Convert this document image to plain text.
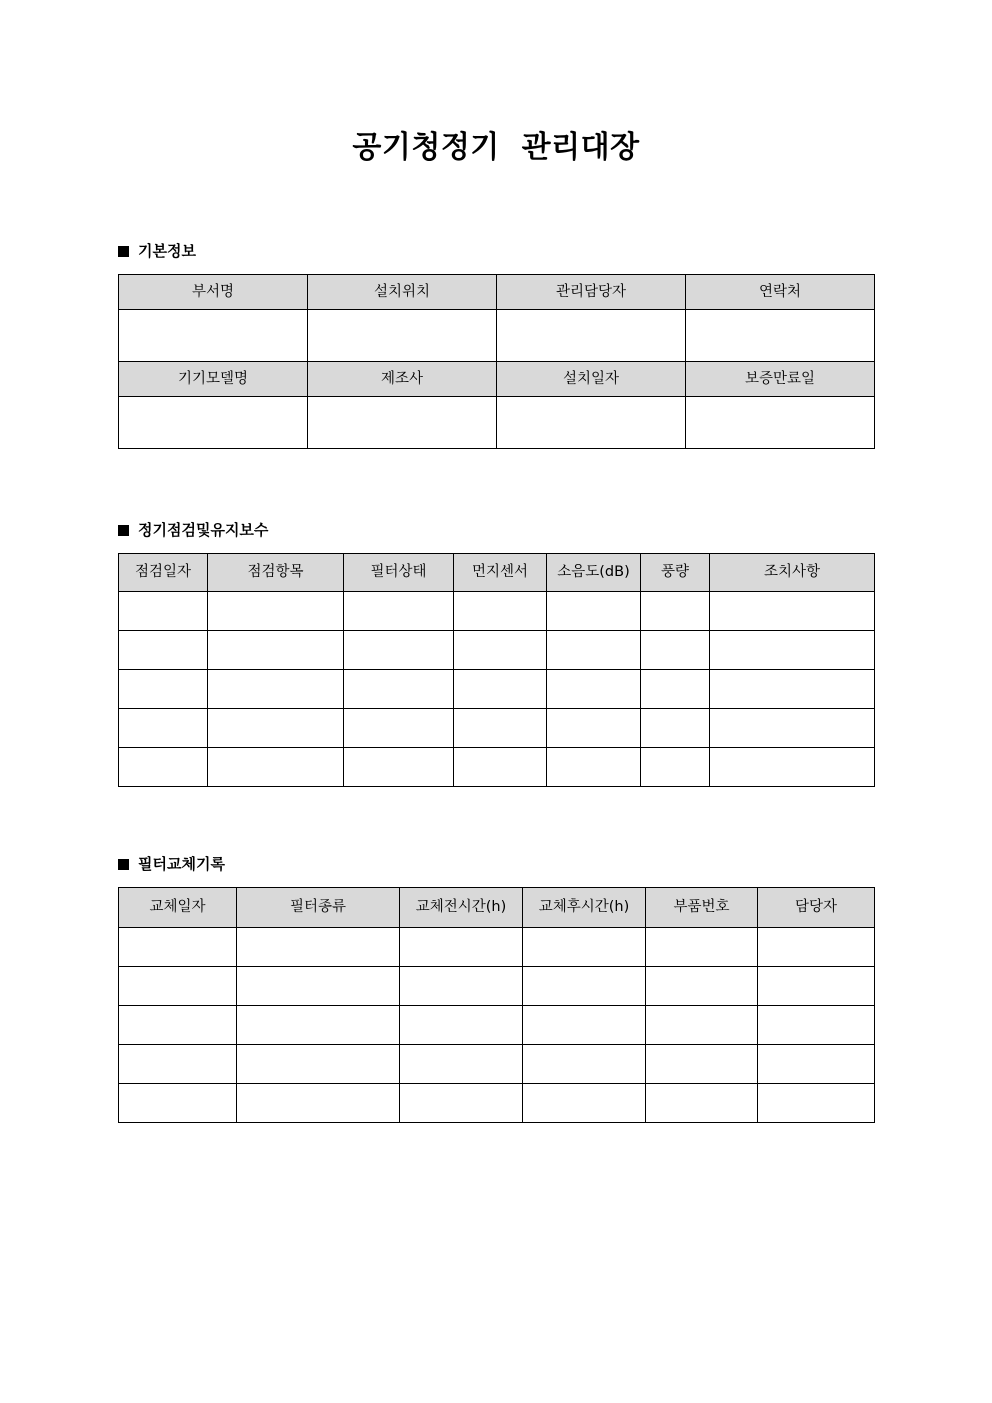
공기청정기  관리대장
기본정보
부서명	설치위치	관리담당자	연락처

기기모델명	제조사	설치일자	보증만료일

정기점검및유지보수
점검일자	점검항목	필터상태	먼지센서	소음도(dB)	풍량	조치사항

필터교체기록
교체일자	필터종류	교체전시간(h)	교체후시간(h)	부품번호	담당자
